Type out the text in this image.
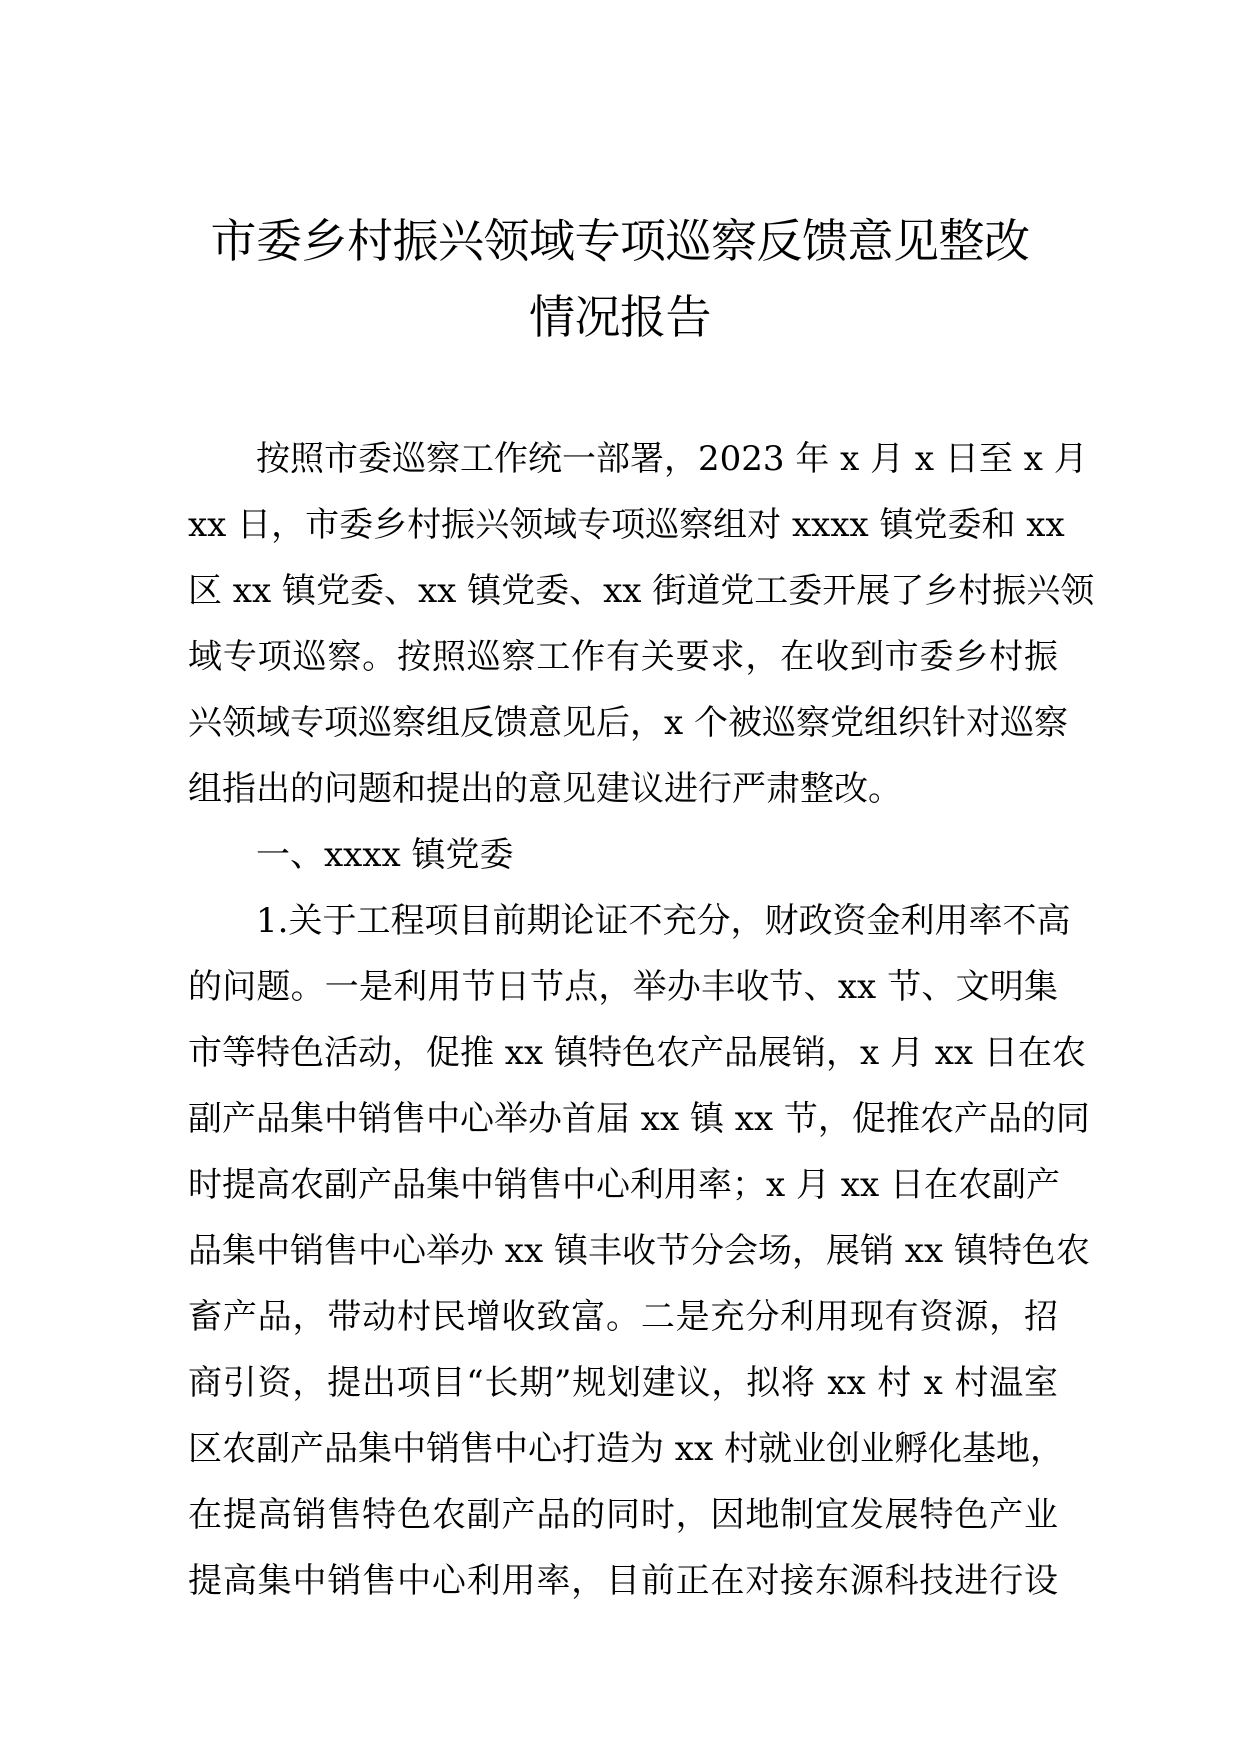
市委乡村振兴领域专项巡察反馈意见整改
情况报告
按照市委巡察工作统一部署，2023 年 x 月 x 日至 x 月
xx 日，市委乡村振兴领域专项巡察组对 xxxx 镇党委和 xx
区 xx 镇党委、xx 镇党委、xx 街道党工委开展了乡村振兴领
域专项巡察。按照巡察工作有关要求，在收到市委乡村振
兴领域专项巡察组反馈意见后，x 个被巡察党组织针对巡察
组指出的问题和提出的意见建议进行严肃整改。
一、xxxx 镇党委
1.关于工程项目前期论证不充分，财政资金利用率不高
的问题。一是利用节日节点，举办丰收节、xx 节、文明集
市等特色活动，促推 xx 镇特色农产品展销，x 月 xx 日在农
副产品集中销售中心举办首届 xx 镇 xx 节，促推农产品的同
时提高农副产品集中销售中心利用率；x 月 xx 日在农副产
品集中销售中心举办 xx 镇丰收节分会场，展销 xx 镇特色农
畜产品，带动村民增收致富。二是充分利用现有资源，招
商引资，提出项目“长期”规划建议，拟将 xx 村 x 村温室
区农副产品集中销售中心打造为 xx 村就业创业孵化基地，
在提高销售特色农副产品的同时，因地制宜发展特色产业
提高集中销售中心利用率，目前正在对接东源科技进行设
